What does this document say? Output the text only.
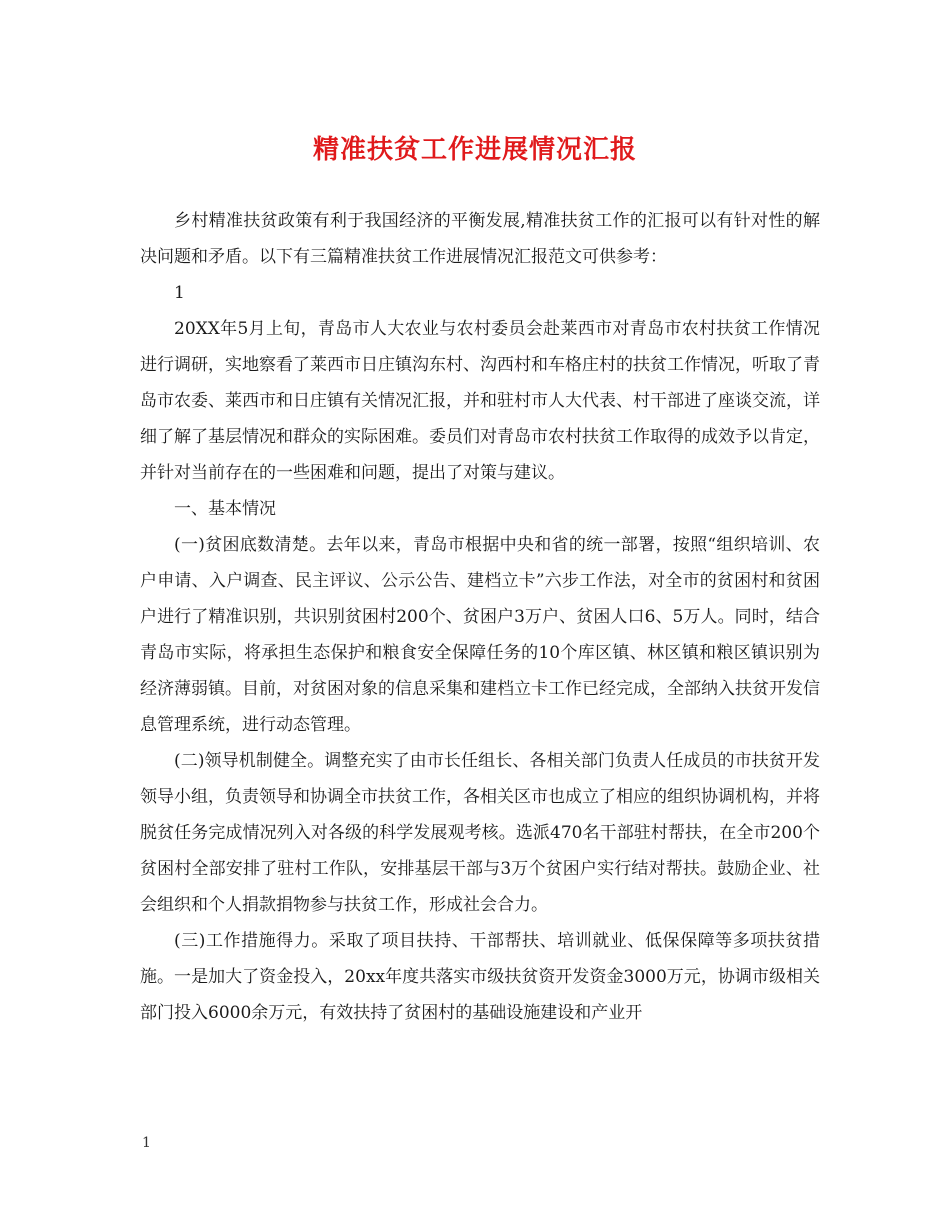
精准扶贫工作进展情况汇报

乡村精准扶贫政策有利于我国经济的平衡发展,精准扶贫工作的汇报可以有针对性的解决问题和矛盾。以下有三篇精准扶贫工作进展情况汇报范文可供参考：

1

20XX年5月上旬，青岛市人大农业与农村委员会赴莱西市对青岛市农村扶贫工作情况进行调研，实地察看了莱西市日庄镇沟东村、沟西村和车格庄村的扶贫工作情况，听取了青岛市农委、莱西市和日庄镇有关情况汇报，并和驻村市人大代表、村干部进了座谈交流，详细了解了基层情况和群众的实际困难。委员们对青岛市农村扶贫工作取得的成效予以肯定，并针对当前存在的一些困难和问题，提出了对策与建议。

一、基本情况

(一)贫困底数清楚。去年以来，青岛市根据中央和省的统一部署，按照“组织培训、农户申请、入户调查、民主评议、公示公告、建档立卡”六步工作法，对全市的贫困村和贫困户进行了精准识别，共识别贫困村200个、贫困户3万户、贫困人口6、5万人。同时，结合青岛市实际，将承担生态保护和粮食安全保障任务的10个库区镇、林区镇和粮区镇识别为经济薄弱镇。目前，对贫困对象的信息采集和建档立卡工作已经完成，全部纳入扶贫开发信息管理系统，进行动态管理。

(二)领导机制健全。调整充实了由市长任组长、各相关部门负责人任成员的市扶贫开发领导小组，负责领导和协调全市扶贫工作，各相关区市也成立了相应的组织协调机构，并将脱贫任务完成情况列入对各级的科学发展观考核。选派470名干部驻村帮扶，在全市200个贫困村全部安排了驻村工作队，安排基层干部与3万个贫困户实行结对帮扶。鼓励企业、社会组织和个人捐款捐物参与扶贫工作，形成社会合力。

(三)工作措施得力。采取了项目扶持、干部帮扶、培训就业、低保保障等多项扶贫措施。一是加大了资金投入，20xx年度共落实市级扶贫资开发资金3000万元，协调市级相关部门投入6000余万元，有效扶持了贫困村的基础设施建设和产业开

1
